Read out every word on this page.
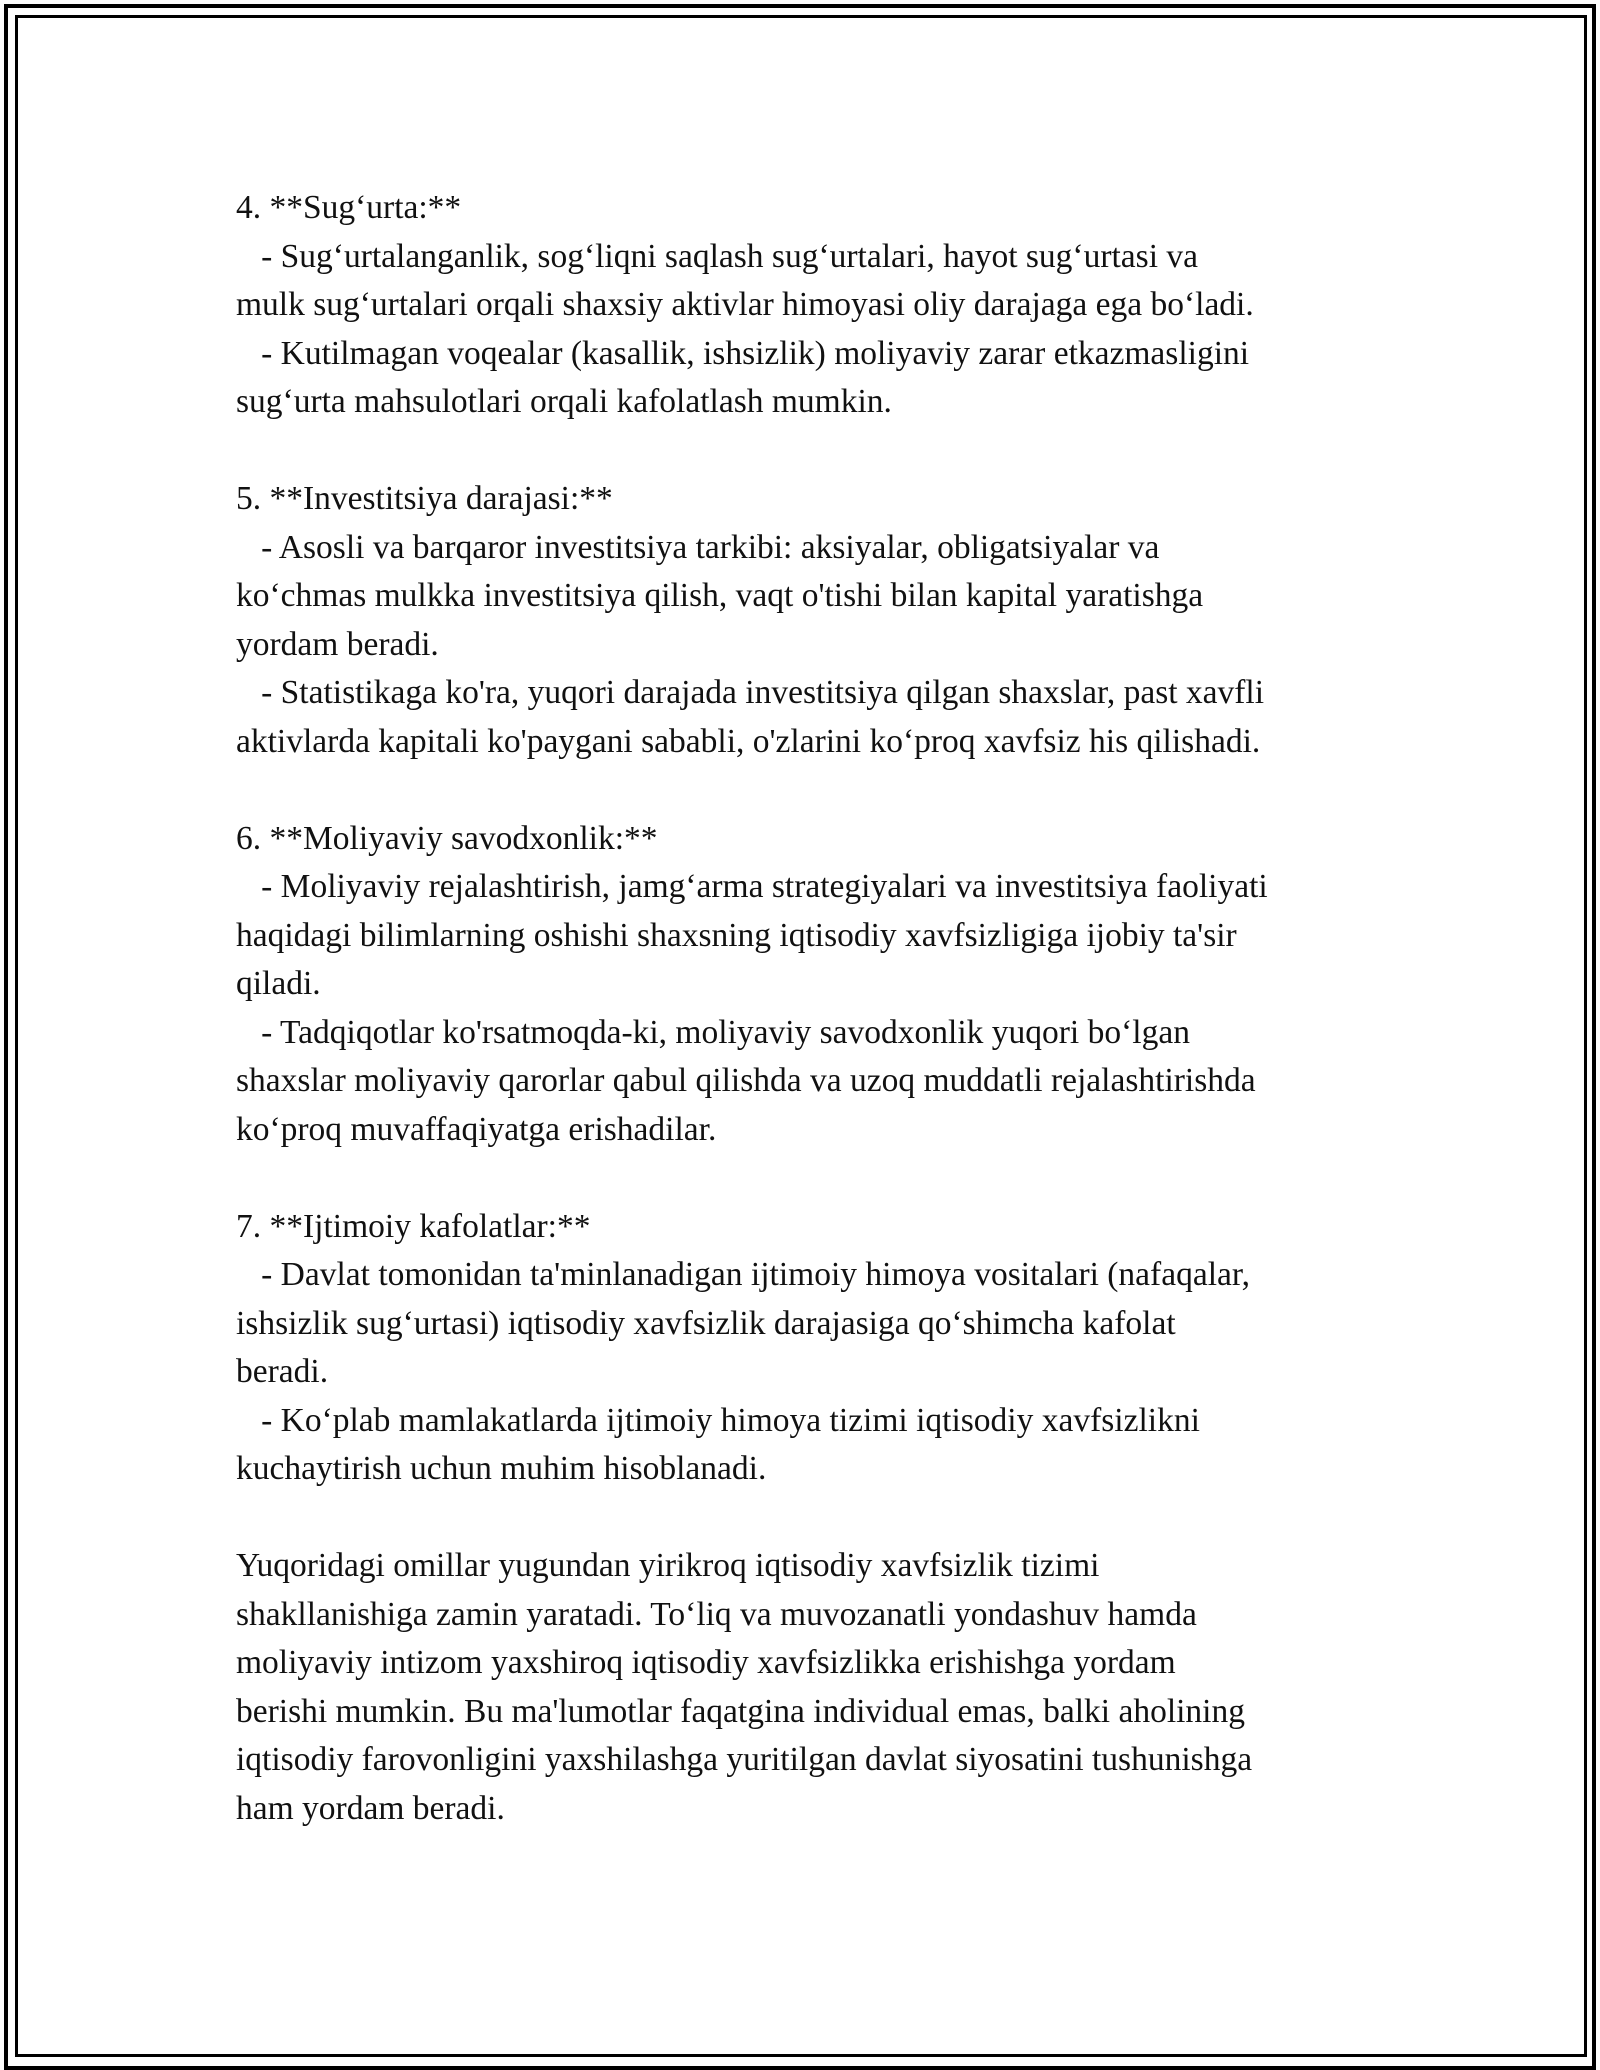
4. **Sug‘urta:**
- Sug‘urtalanganlik, sog‘liqni saqlash sug‘urtalari, hayot sug‘urtasi va
mulk sug‘urtalari orqali shaxsiy aktivlar himoyasi oliy darajaga ega bo‘ladi.
- Kutilmagan voqealar (kasallik, ishsizlik) moliyaviy zarar etkazmasligini
sug‘urta mahsulotlari orqali kafolatlash mumkin.
5. **Investitsiya darajasi:**
- Asosli va barqaror investitsiya tarkibi: aksiyalar, obligatsiyalar va
ko‘chmas mulkka investitsiya qilish, vaqt o'tishi bilan kapital yaratishga
yordam beradi.
- Statistikaga ko'ra, yuqori darajada investitsiya qilgan shaxslar, past xavfli
aktivlarda kapitali ko'paygani sababli, o'zlarini ko‘proq xavfsiz his qilishadi.
6. **Moliyaviy savodxonlik:**
- Moliyaviy rejalashtirish, jamg‘arma strategiyalari va investitsiya faoliyati
haqidagi bilimlarning oshishi shaxsning iqtisodiy xavfsizligiga ijobiy ta'sir
qiladi.
- Tadqiqotlar ko'rsatmoqda-ki, moliyaviy savodxonlik yuqori bo‘lgan
shaxslar moliyaviy qarorlar qabul qilishda va uzoq muddatli rejalashtirishda
ko‘proq muvaffaqiyatga erishadilar.
7. **Ijtimoiy kafolatlar:**
- Davlat tomonidan ta'minlanadigan ijtimoiy himoya vositalari (nafaqalar,
ishsizlik sug‘urtasi) iqtisodiy xavfsizlik darajasiga qo‘shimcha kafolat
beradi.
- Ko‘plab mamlakatlarda ijtimoiy himoya tizimi iqtisodiy xavfsizlikni
kuchaytirish uchun muhim hisoblanadi.
Yuqoridagi omillar yugundan yirikroq iqtisodiy xavfsizlik tizimi
shakllanishiga zamin yaratadi. To‘liq va muvozanatli yondashuv hamda
moliyaviy intizom yaxshiroq iqtisodiy xavfsizlikka erishishga yordam
berishi mumkin. Bu ma'lumotlar faqatgina individual emas, balki aholining
iqtisodiy farovonligini yaxshilashga yuritilgan davlat siyosatini tushunishga
ham yordam beradi.
